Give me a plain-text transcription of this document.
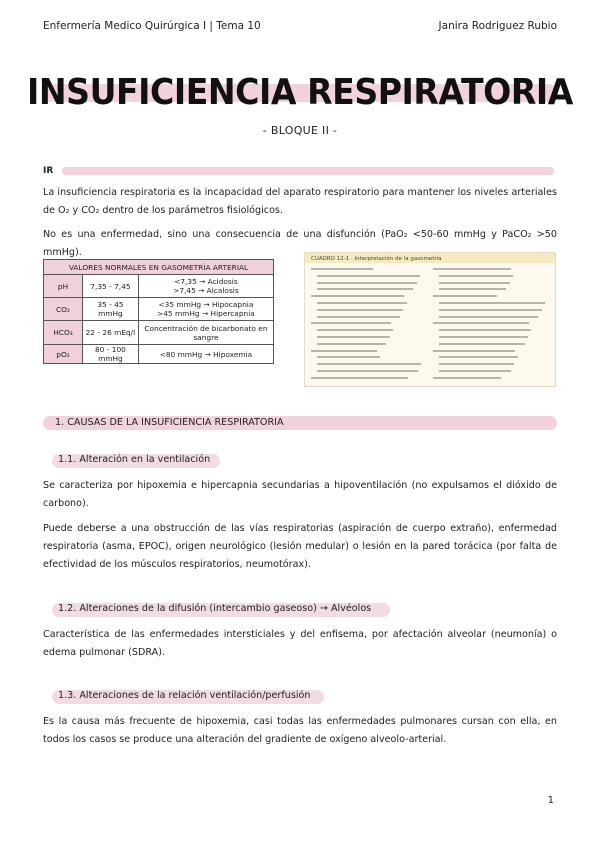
Enfermería Medico Quirúrgica I | Tema 10	Janira Rodriguez Rubio
INSUFICIENCIA RESPIRATORIA
- BLOQUE II -
IR
La insuficiencia respiratoria es la incapacidad del aparato respiratorio para mantener los niveles arteriales de O₂ y CO₂ dentro de los parámetros fisiológicos.
No es una enfermedad, sino una consecuencia de una disfunción (PaO₂ <50-60 mmHg y PaCO₂ >50 mmHg).
VALORES NORMALES EN GASOMETRÍA ARTERIAL		
pH	7,35 - 7,45	<7,35 → Acidosis
>7,45 → Alcalosis
CO₂	35 - 45 mmHg	<35 mmHg → Hipocapnia
>45 mmHg → Hipercapnia
HCO₃	22 - 26 mEq/l	Concentración de bicarbonato en sangre
pO₂	80 - 100 mmHg	<80 mmHg → Hipoxemia
CUADRO 12-1 · Interpretación de la gasometría
1. CAUSAS DE LA INSUFICIENCIA RESPIRATORIA
1.1. Alteración en la ventilación
Se caracteriza por hipoxemia e hipercapnia secundarias a hipoventilación (no expulsamos el dióxido de carbono).
Puede deberse a una obstrucción de las vías respiratorias (aspiración de cuerpo extraño), enfermedad respiratoria (asma, EPOC), origen neurológico (lesión medular) o lesión en la pared torácica (por falta de efectividad de los músculos respiratorios, neumotórax).
1.2. Alteraciones de la difusión (intercambio gaseoso) → Alvéolos
Característica de las enfermedades intersticiales y del enfisema, por afectación alveolar (neumonía) o edema pulmonar (SDRA).
1.3. Alteraciones de la relación ventilación/perfusión
Es la causa más frecuente de hipoxemia, casi todas las enfermedades pulmonares cursan con ella, en todos los casos se produce una alteración del gradiente de oxígeno alveolo-arterial.
1
